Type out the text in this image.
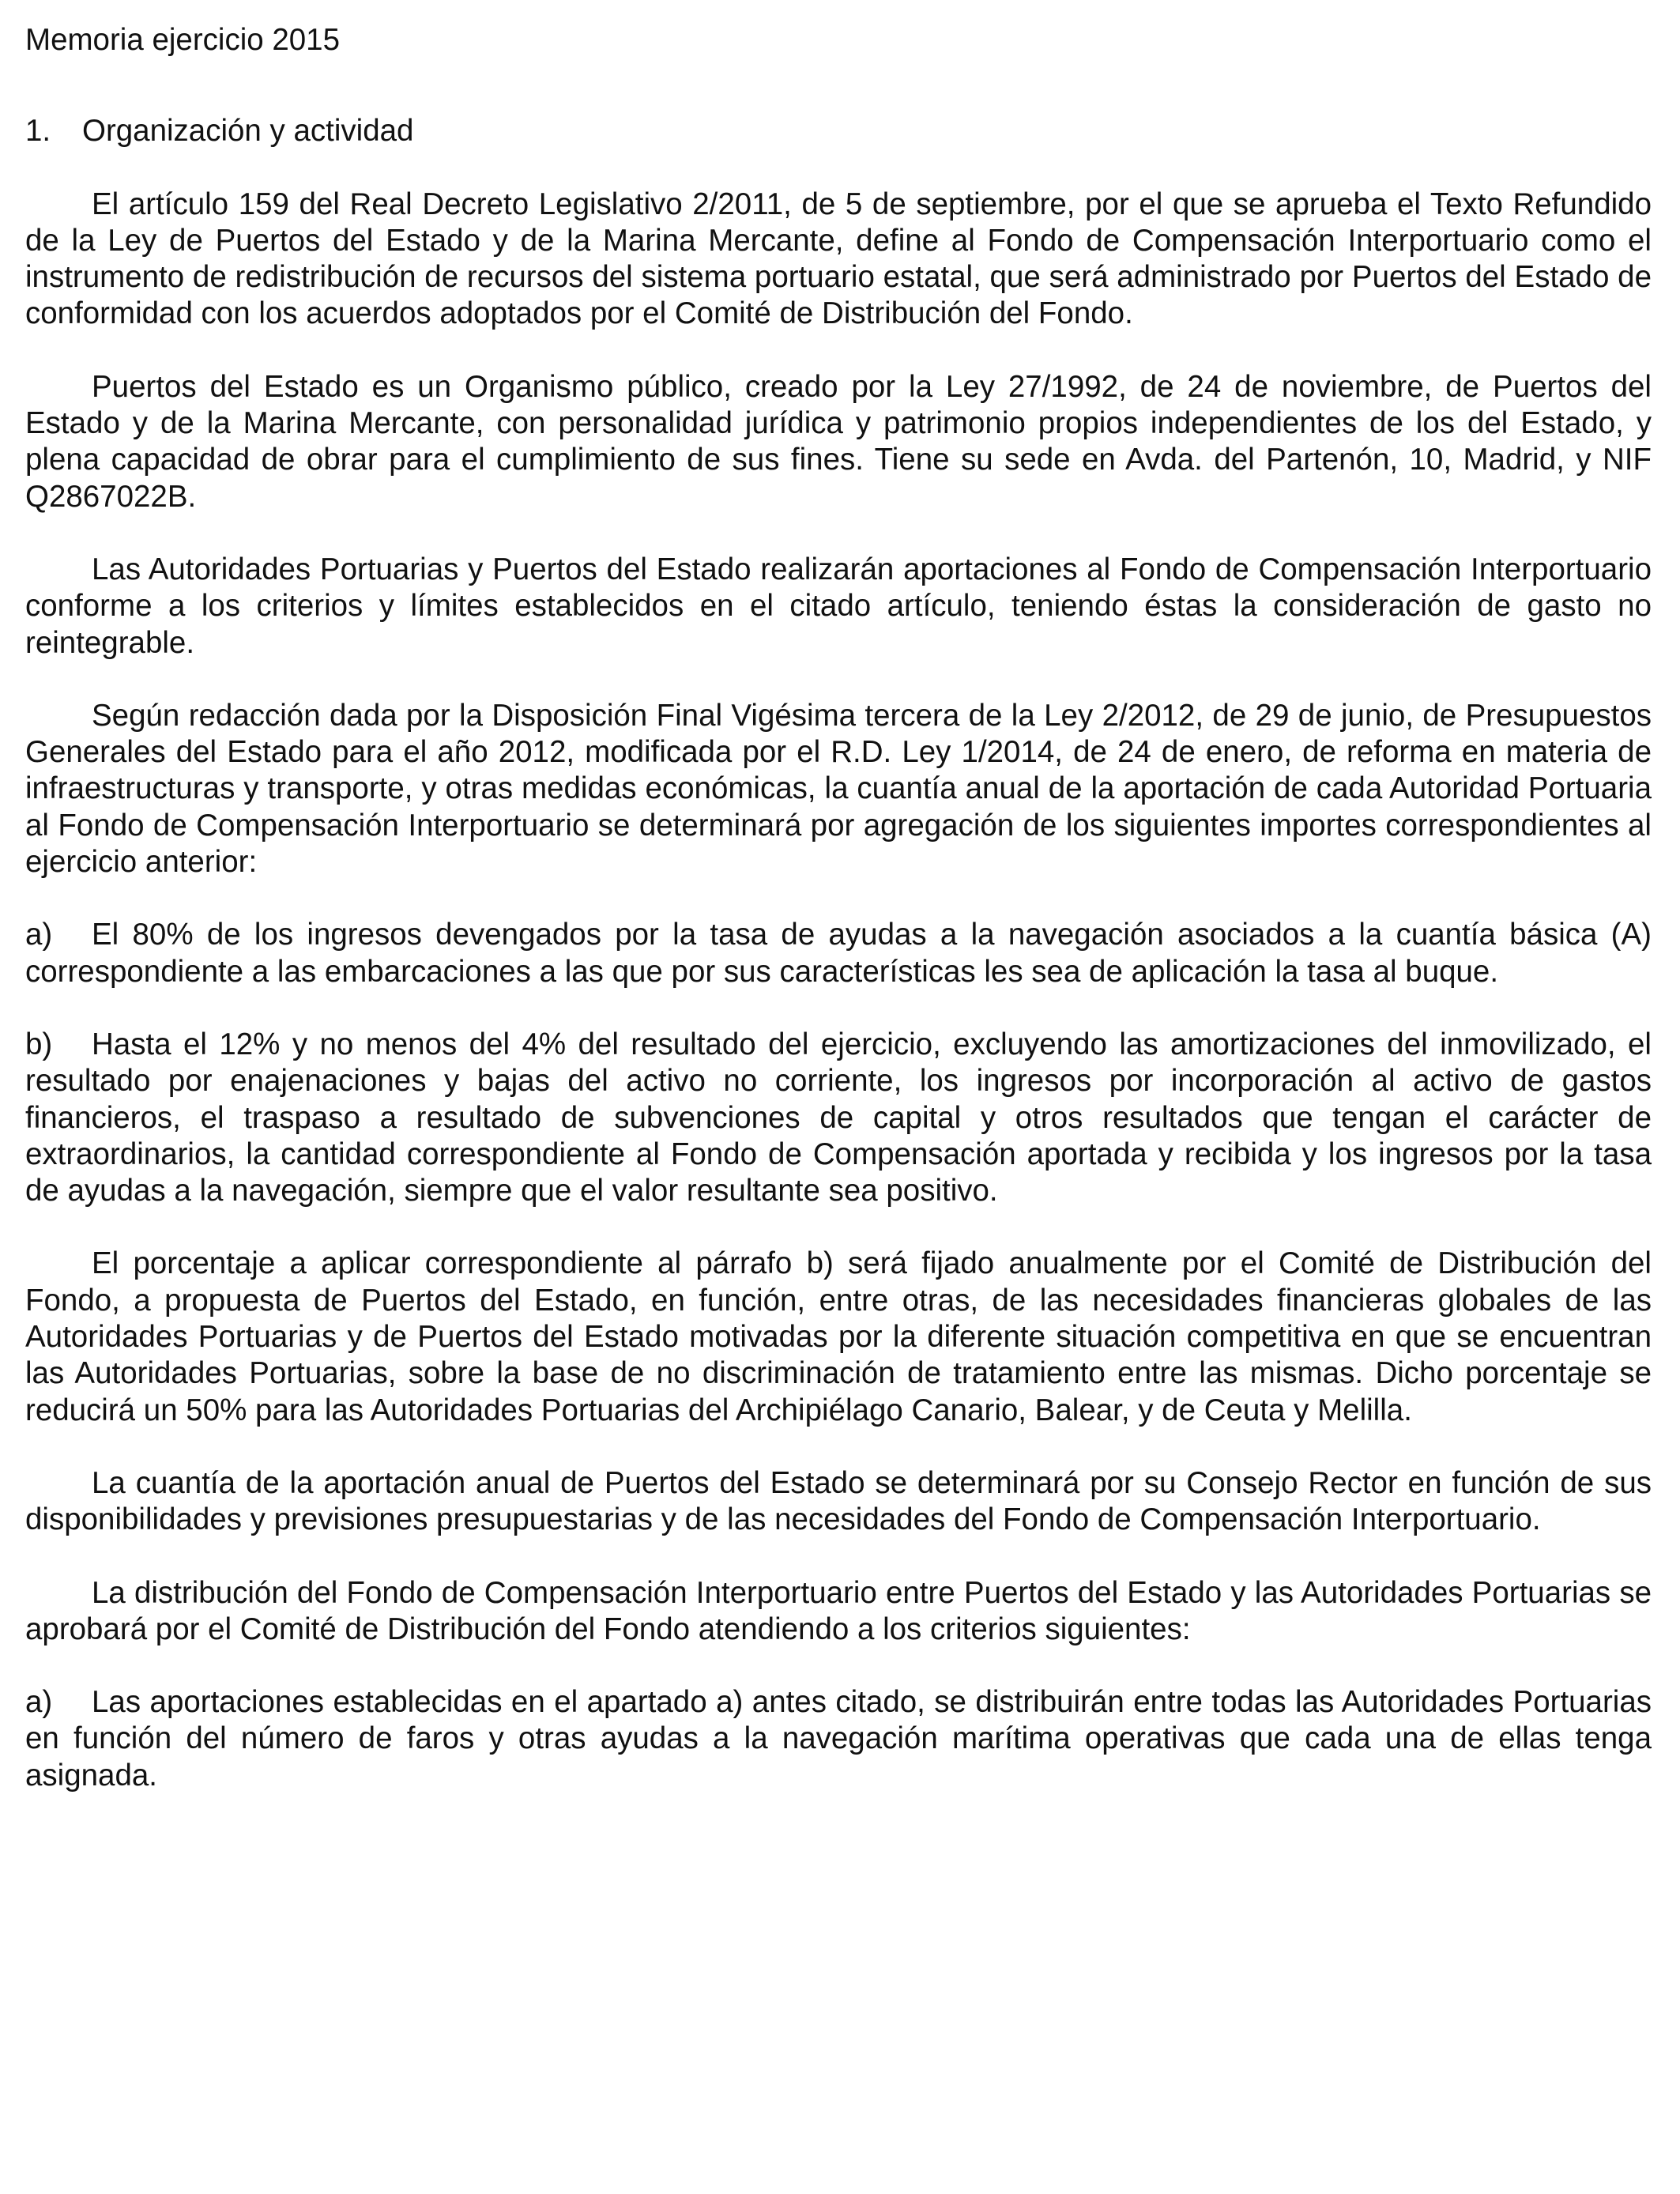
Memoria ejercicio 2015
1. Organización y actividad

El artículo 159 del Real Decreto Legislativo 2/2011, de 5 de septiembre, por el que se aprueba el Texto Refundido de la Ley de Puertos del Estado y de la Marina Mercante, define al Fondo de Compensación Interportuario como el instrumento de redistribución de recursos del sistema portuario estatal, que será administrado por Puertos del Estado de conformidad con los acuerdos adoptados por el Comité de Distribución del Fondo.

Puertos del Estado es un Organismo público, creado por la Ley 27/1992, de 24 de noviembre, de Puertos del Estado y de la Marina Mercante, con personalidad jurídica y patrimonio propios independientes de los del Estado, y plena capacidad de obrar para el cumplimiento de sus fines. Tiene su sede en Avda. del Partenón, 10, Madrid, y NIF Q2867022B.

Las Autoridades Portuarias y Puertos del Estado realizarán aportaciones al Fondo de Compensación Interportuario conforme a los criterios y límites establecidos en el citado artículo, teniendo éstas la consideración de gasto no reintegrable.

Según redacción dada por la Disposición Final Vigésima tercera de la Ley 2/2012, de 29 de junio, de Presupuestos Generales del Estado para el año 2012, modificada por el R.D. Ley 1/2014, de 24 de enero, de reforma en materia de infraestructuras y transporte, y otras medidas económicas, la cuantía anual de la aportación de cada Autoridad Portuaria al Fondo de Compensación Interportuario se determinará por agregación de los siguientes importes correspondientes al ejercicio anterior:

a) El 80% de los ingresos devengados por la tasa de ayudas a la navegación asociados a la cuantía básica (A) correspondiente a las embarcaciones a las que por sus características les sea de aplicación la tasa al buque.

b) Hasta el 12% y no menos del 4% del resultado del ejercicio, excluyendo las amortizaciones del inmovilizado, el resultado por enajenaciones y bajas del activo no corriente, los ingresos por incorporación al activo de gastos financieros, el traspaso a resultado de subvenciones de capital y otros resultados que tengan el carácter de extraordinarios, la cantidad correspondiente al Fondo de Compensación aportada y recibida y los ingresos por la tasa de ayudas a la navegación, siempre que el valor resultante sea positivo.

El porcentaje a aplicar correspondiente al párrafo b) será fijado anualmente por el Comité de Distribución del Fondo, a propuesta de Puertos del Estado, en función, entre otras, de las necesidades financieras globales de las Autoridades Portuarias y de Puertos del Estado motivadas por la diferente situación competitiva en que se encuentran las Autoridades Portuarias, sobre la base de no discriminación de tratamiento entre las mismas. Dicho porcentaje se reducirá un 50% para las Autoridades Portuarias del Archipiélago Canario, Balear, y de Ceuta y Melilla.

La cuantía de la aportación anual de Puertos del Estado se determinará por su Consejo Rector en función de sus disponibilidades y previsiones presupuestarias y de las necesidades del Fondo de Compensación Interportuario.

La distribución del Fondo de Compensación Interportuario entre Puertos del Estado y las Autoridades Portuarias se aprobará por el Comité de Distribución del Fondo atendiendo a los criterios siguientes:

a) Las aportaciones establecidas en el apartado a) antes citado, se distribuirán entre todas las Autoridades Portuarias en función del número de faros y otras ayudas a la navegación marítima operativas que cada una de ellas tenga asignada.
